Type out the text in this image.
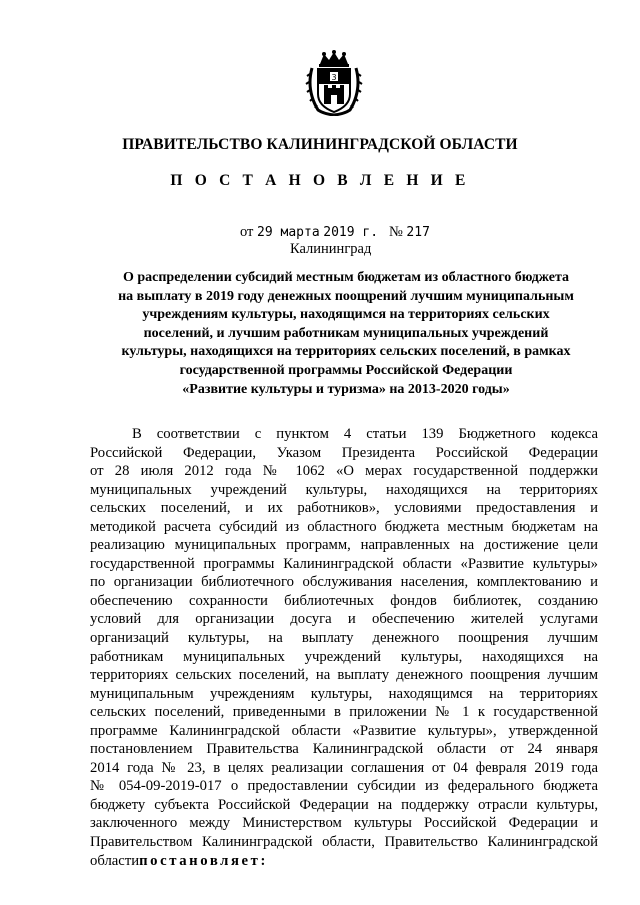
3
ПРАВИТЕЛЬСТВО КАЛИНИНГРАДСКОЙ ОБЛАСТИ
П О С Т А Н О В Л Е Н И Е
от 29 марта 2019 г. № 217
Калининград
О распределении субсидий местным бюджетам из областного бюджета
на выплату в 2019 году денежных поощрений лучшим муниципальным
учреждениям культуры, находящимся на территориях сельских
поселений, и лучшим работникам муниципальных учреждений
культуры, находящихся на территориях сельских поселений, в рамках
государственной программы Российской Федерации
«Развитие культуры и туризма» на 2013-2020 годы»
В соответствии с пунктом 4 статьи 139 Бюджетного кодекса
Российской Федерации, Указом Президента Российской Федерации
от 28 июля 2012 года № 1062 «О мерах государственной поддержки
муниципальных учреждений культуры, находящихся на территориях
сельских поселений, и их работников», условиями предоставления и
методикой расчета субсидий из областного бюджета местным бюджетам на
реализацию муниципальных программ, направленных на достижение цели
государственной программы Калининградской области «Развитие культуры»
по организации библиотечного обслуживания населения, комплектованию и
обеспечению сохранности библиотечных фондов библиотек, созданию
условий для организации досуга и обеспечению жителей услугами
организаций культуры, на выплату денежного поощрения лучшим
работникам муниципальных учреждений культуры, находящихся на
территориях сельских поселений, на выплату денежного поощрения лучшим
муниципальным учреждениям культуры, находящимся на территориях
сельских поселений, приведенными в приложении № 1 к государственной
программе Калининградской области «Развитие культуры», утвержденной
постановлением Правительства Калининградской области от 24 января
2014 года № 23, в целях реализации соглашения от 04 февраля 2019 года
№ 054-09-2019-017 о предоставлении субсидии из федерального бюджета
бюджету субъекта Российской Федерации на поддержку отрасли культуры,
заключенного между Министерством культуры Российской Федерации и
Правительством Калининградской области, Правительство Калининградской
областипостановляет:
